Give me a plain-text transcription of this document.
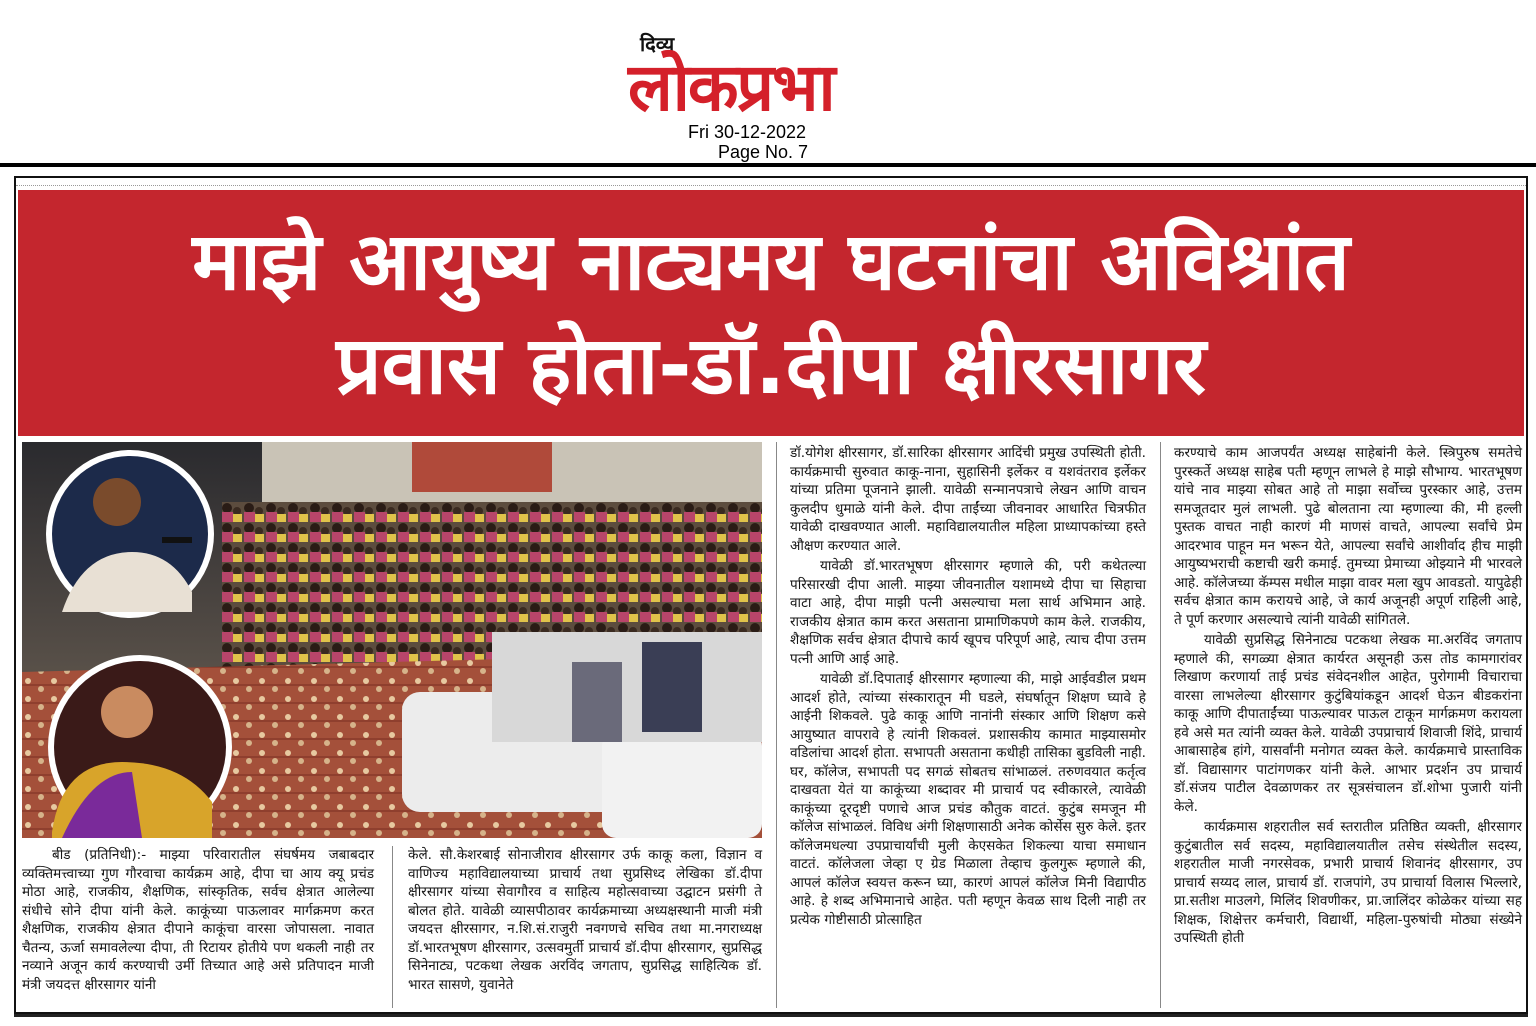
दिव्य
लोकप्रभा
Fri 30-12-2022
Page No. 7
माझे आयुष्य नाट्यमय घटनांचा अविश्रांत
प्रवास होता-डॉ.दीपा क्षीरसागर

बीड (प्रतिनिधी):- माझ्या परिवारातील संघर्षमय जबाबदार व्यक्तिमत्त्वाच्या गुण गौरवाचा कार्यक्रम आहे, दीपा चा आय क्यू प्रचंड मोठा आहे, राजकीय, शैक्षणिक, सांस्कृतिक, सर्वच क्षेत्रात आलेल्या संधीचे सोने दीपा यांनी केले. काकूंच्या पाऊलावर मार्गक्रमण करत शैक्षणिक, राजकीय क्षेत्रात दीपाने काकूंचा वारसा जोपासला. नावात चैतन्य, ऊर्जा समावलेल्या दीपा, ती रिटायर होतीये पण थकली नाही तर नव्याने अजून कार्य करण्याची उर्मी तिच्यात आहे असे प्रतिपादन माजी मंत्री जयदत्त क्षीरसागर यांनी

केले. सौ.केशरबाई सोनाजीराव क्षीरसागर उर्फ काकू कला, विज्ञान व वाणिज्य महाविद्यालयाच्या प्राचार्य तथा सुप्रसिध्द लेखिका डॉ.दीपा क्षीरसागर यांच्या सेवागौरव व साहित्य महोत्सवाच्या उद्घाटन प्रसंगी ते बोलत होते. यावेळी व्यासपीठावर कार्यक्रमाच्या अध्यक्षस्थानी माजी मंत्री जयदत्त क्षीरसागर, न.शि.सं.राजुरी नवगणचे सचिव तथा मा.नगराध्यक्ष डॉ.भारतभूषण क्षीरसागर, उत्सवमुर्ती प्राचार्य डॉ.दीपा क्षीरसागर, सुप्रसिद्ध सिनेनाट्य, पटकथा लेखक अरविंद जगताप, सुप्रसिद्ध साहित्यिक डॉ. भारत सासणे, युवानेते

डॉ.योगेश क्षीरसागर, डॉ.सारिका क्षीरसागर आदिंची प्रमुख उपस्थिती होती. कार्यक्रमाची सुरुवात काकू-नाना, सुहासिनी इर्लेकर व यशवंतराव इर्लेकर यांच्या प्रतिमा पूजनाने झाली. यावेळी सन्मानपत्राचे लेखन आणि वाचन कुलदीप धुमाळे यांनी केले. दीपा ताईंच्या जीवनावर आधारित चित्रफीत यावेळी दाखवण्यात आली. महाविद्यालयातील महिला प्राध्यापकांच्या हस्ते औक्षण करण्यात आले.

यावेळी डॉ.भारतभूषण क्षीरसागर म्हणाले की, परी कथेतल्या परिसारखी दीपा आली. माझ्या जीवनातील यशामध्ये दीपा चा सिहाचा वाटा आहे, दीपा माझी पत्नी असल्याचा मला सार्थ अभिमान आहे. राजकीय क्षेत्रात काम करत असताना प्रामाणिकपणे काम केले. राजकीय, शैक्षणिक सर्वच क्षेत्रात दीपाचे कार्य खूपच परिपूर्ण आहे, त्याच दीपा उत्तम पत्नी आणि आई आहे.

यावेळी डॉ.दिपाताई क्षीरसागर म्हणाल्या की, माझे आईवडील प्रथम आदर्श होते, त्यांच्या संस्कारातून मी घडले, संघर्षातून शिक्षण घ्यावे हे आईनी शिकवले. पुढे काकू आणि नानांनी संस्कार आणि शिक्षण कसे आयुष्यात वापरावे हे त्यांनी शिकवलं. प्रशासकीय कामात माझ्यासमोर वडिलांचा आदर्श होता. सभापती असताना कधीही तासिका बुडविली नाही. घर, कॉलेज, सभापती पद सगळं सोबतच सांभाळलं. तरुणवयात कर्तृत्व दाखवता येतं या काकूंच्या शब्दावर मी प्राचार्य पद स्वीकारले, त्यावेळी काकूंच्या दूरदृष्टी पणाचे आज प्रचंड कौतुक वाटतं. कुटुंब समजून मी कॉलेज सांभाळलं. विविध अंगी शिक्षणासाठी अनेक कोर्सेस सुरु केले. इतर कॉलेजमधल्या उपप्राचार्यांची मुली केएसकेत शिकल्या याचा समाधान वाटतं. कॉलेजला जेव्हा ए ग्रेड मिळाला तेव्हाच कुलगुरू म्हणाले की, आपलं कॉलेज स्वयत्त करून घ्या, कारणं आपलं कॉलेज मिनी विद्यापीठ आहे. हे शब्द अभिमानाचे आहेत. पती म्हणून केवळ साथ दिली नाही तर प्रत्येक गोष्टीसाठी प्रोत्साहित

करण्याचे काम आजपर्यंत अध्यक्ष साहेबांनी केले. स्त्रिपुरुष समतेचे पुरस्कर्ते अध्यक्ष साहेब पती म्हणून लाभले हे माझे सौभाग्य. भारतभूषण यांचे नाव माझ्या सोबत आहे तो माझा सर्वोच्च पुरस्कार आहे, उत्तम समजूतदार मुलं लाभली. पुढे बोलताना त्या म्हणाल्या की, मी हल्ली पुस्तक वाचत नाही कारणं मी माणसं वाचते, आपल्या सर्वांचे प्रेम आदरभाव पाहून मन भरून येते, आपल्या सर्वांचे आशीर्वाद हीच माझी आयुष्यभराची कष्टाची खरी कमाई. तुमच्या प्रेमाच्या ओझ्याने मी भारवले आहे. कॉलेजच्या कॅम्पस मधील माझा वावर मला खुप आवडतो. यापुढेही सर्वच क्षेत्रात काम करायचे आहे, जे कार्य अजूनही अपूर्ण राहिली आहे, ते पूर्ण करणार असल्याचे त्यांनी यावेळी सांगितले.

यावेळी सुप्रसिद्ध सिनेनाट्य पटकथा लेखक मा.अरविंद जगताप म्हणाले की, सगळ्या क्षेत्रात कार्यरत असूनही ऊस तोड कामगारांवर लिखाण करणार्या ताई प्रचंड संवेदनशील आहेत, पुरोगामी विचाराचा वारसा लाभलेल्या क्षीरसागर कुटुंबियांकडून आदर्श घेऊन बीडकरांना काकू आणि दीपाताईंच्या पाऊल्यावर पाऊल टाकून मार्गक्रमण करायला हवे असे मत त्यांनी व्यक्त केले. यावेळी उपप्राचार्य शिवाजी शिंदे, प्राचार्य आबासाहेब हांगे, यासर्वांनी मनोगत व्यक्त केले. कार्यक्रमाचे प्रास्ताविक डॉ. विद्यासागर पाटांगणकर यांनी केले. आभार प्रदर्शन उप प्राचार्य डॉ.संजय पाटील देवळाणकर तर सूत्रसंचालन डॉ.शोभा पुजारी यांनी केले.

कार्यक्रमास शहरातील सर्व स्तरातील प्रतिष्ठित व्यक्ती, क्षीरसागर कुटुंबातील सर्व सदस्य, महाविद्यालयातील तसेच संस्थेतील सदस्य, शहरातील माजी नगरसेवक, प्रभारी प्राचार्य शिवानंद क्षीरसागर, उप प्राचार्य सय्यद लाल, प्राचार्य डॉ. राजपांगे, उप प्राचार्या विलास भिल्लारे, प्रा.सतीश माउलगे, मिलिंद शिवणीकर, प्रा.जालिंदर कोळेकर यांच्या सह शिक्षक, शिक्षेत्तर कर्मचारी, विद्यार्थी, महिला-पुरुषांची मोठ्या संख्येने उपस्थिती होती
